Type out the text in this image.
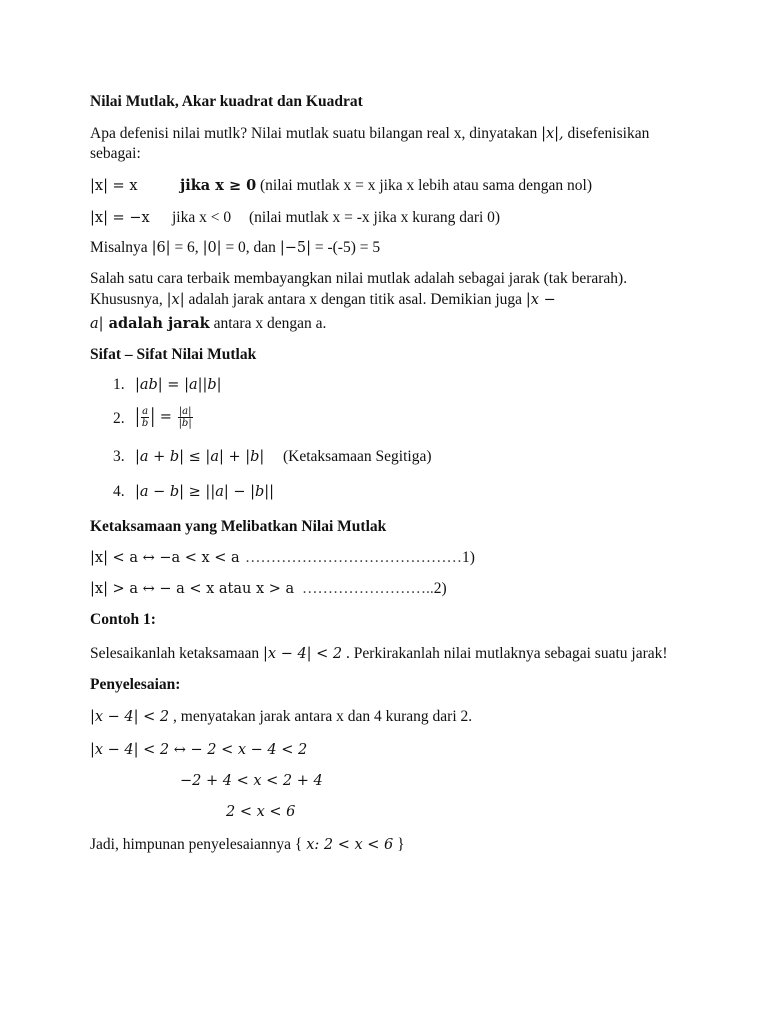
Nilai Mutlak, Akar kuadrat dan Kuadrat
Apa defenisi nilai mutlk? Nilai mutlak suatu bilangan real x, dinyatakan |x|, disefenisikan
sebagai:
|x| = x	jika x ≥ 0 (nilai mutlak x = x jika x lebih atau sama dengan nol)
|x| = −x jika x < 0 (nilai mutlak x = -x jika x kurang dari 0)
Misalnya |6| = 6, |0| = 0, dan |−5| = -(-5) = 5
Salah satu cara terbaik membayangkan nilai mutlak adalah sebagai jarak (tak berarah).
Khususnya, |x| adalah jarak antara x dengan titik asal. Demikian juga |x −
a| adalah jarak antara x dengan a.
Sifat – Sifat Nilai Mutlak
1. |ab| = |a||b|
2. | $\frac{a}{b}$ | = $\frac{|a|}{|b|}$
3. |a + b| ≤ |a| + |b| (Ketaksamaan Segitiga)
4. |a − b| ≥ ||a| − |b||
Ketaksamaan yang Melibatkan Nilai Mutlak
|x| < a ↔ −a < x < a ……………………………………1)
|x| > a ↔ − a < x atau x > a ……………………..2)
Contoh 1:
Selesaikanlah ketaksamaan |x − 4| < 2 . Perkirakanlah nilai mutlaknya sebagai suatu jarak!
Penyelesaian:
|x − 4| < 2 , menyatakan jarak antara x dan 4 kurang dari 2.
|x − 4| < 2 ↔ − 2 < x − 4 < 2
−2 + 4 < x < 2 + 4
2 < x < 6
Jadi, himpunan penyelesaiannya { x: 2 < x < 6 }
